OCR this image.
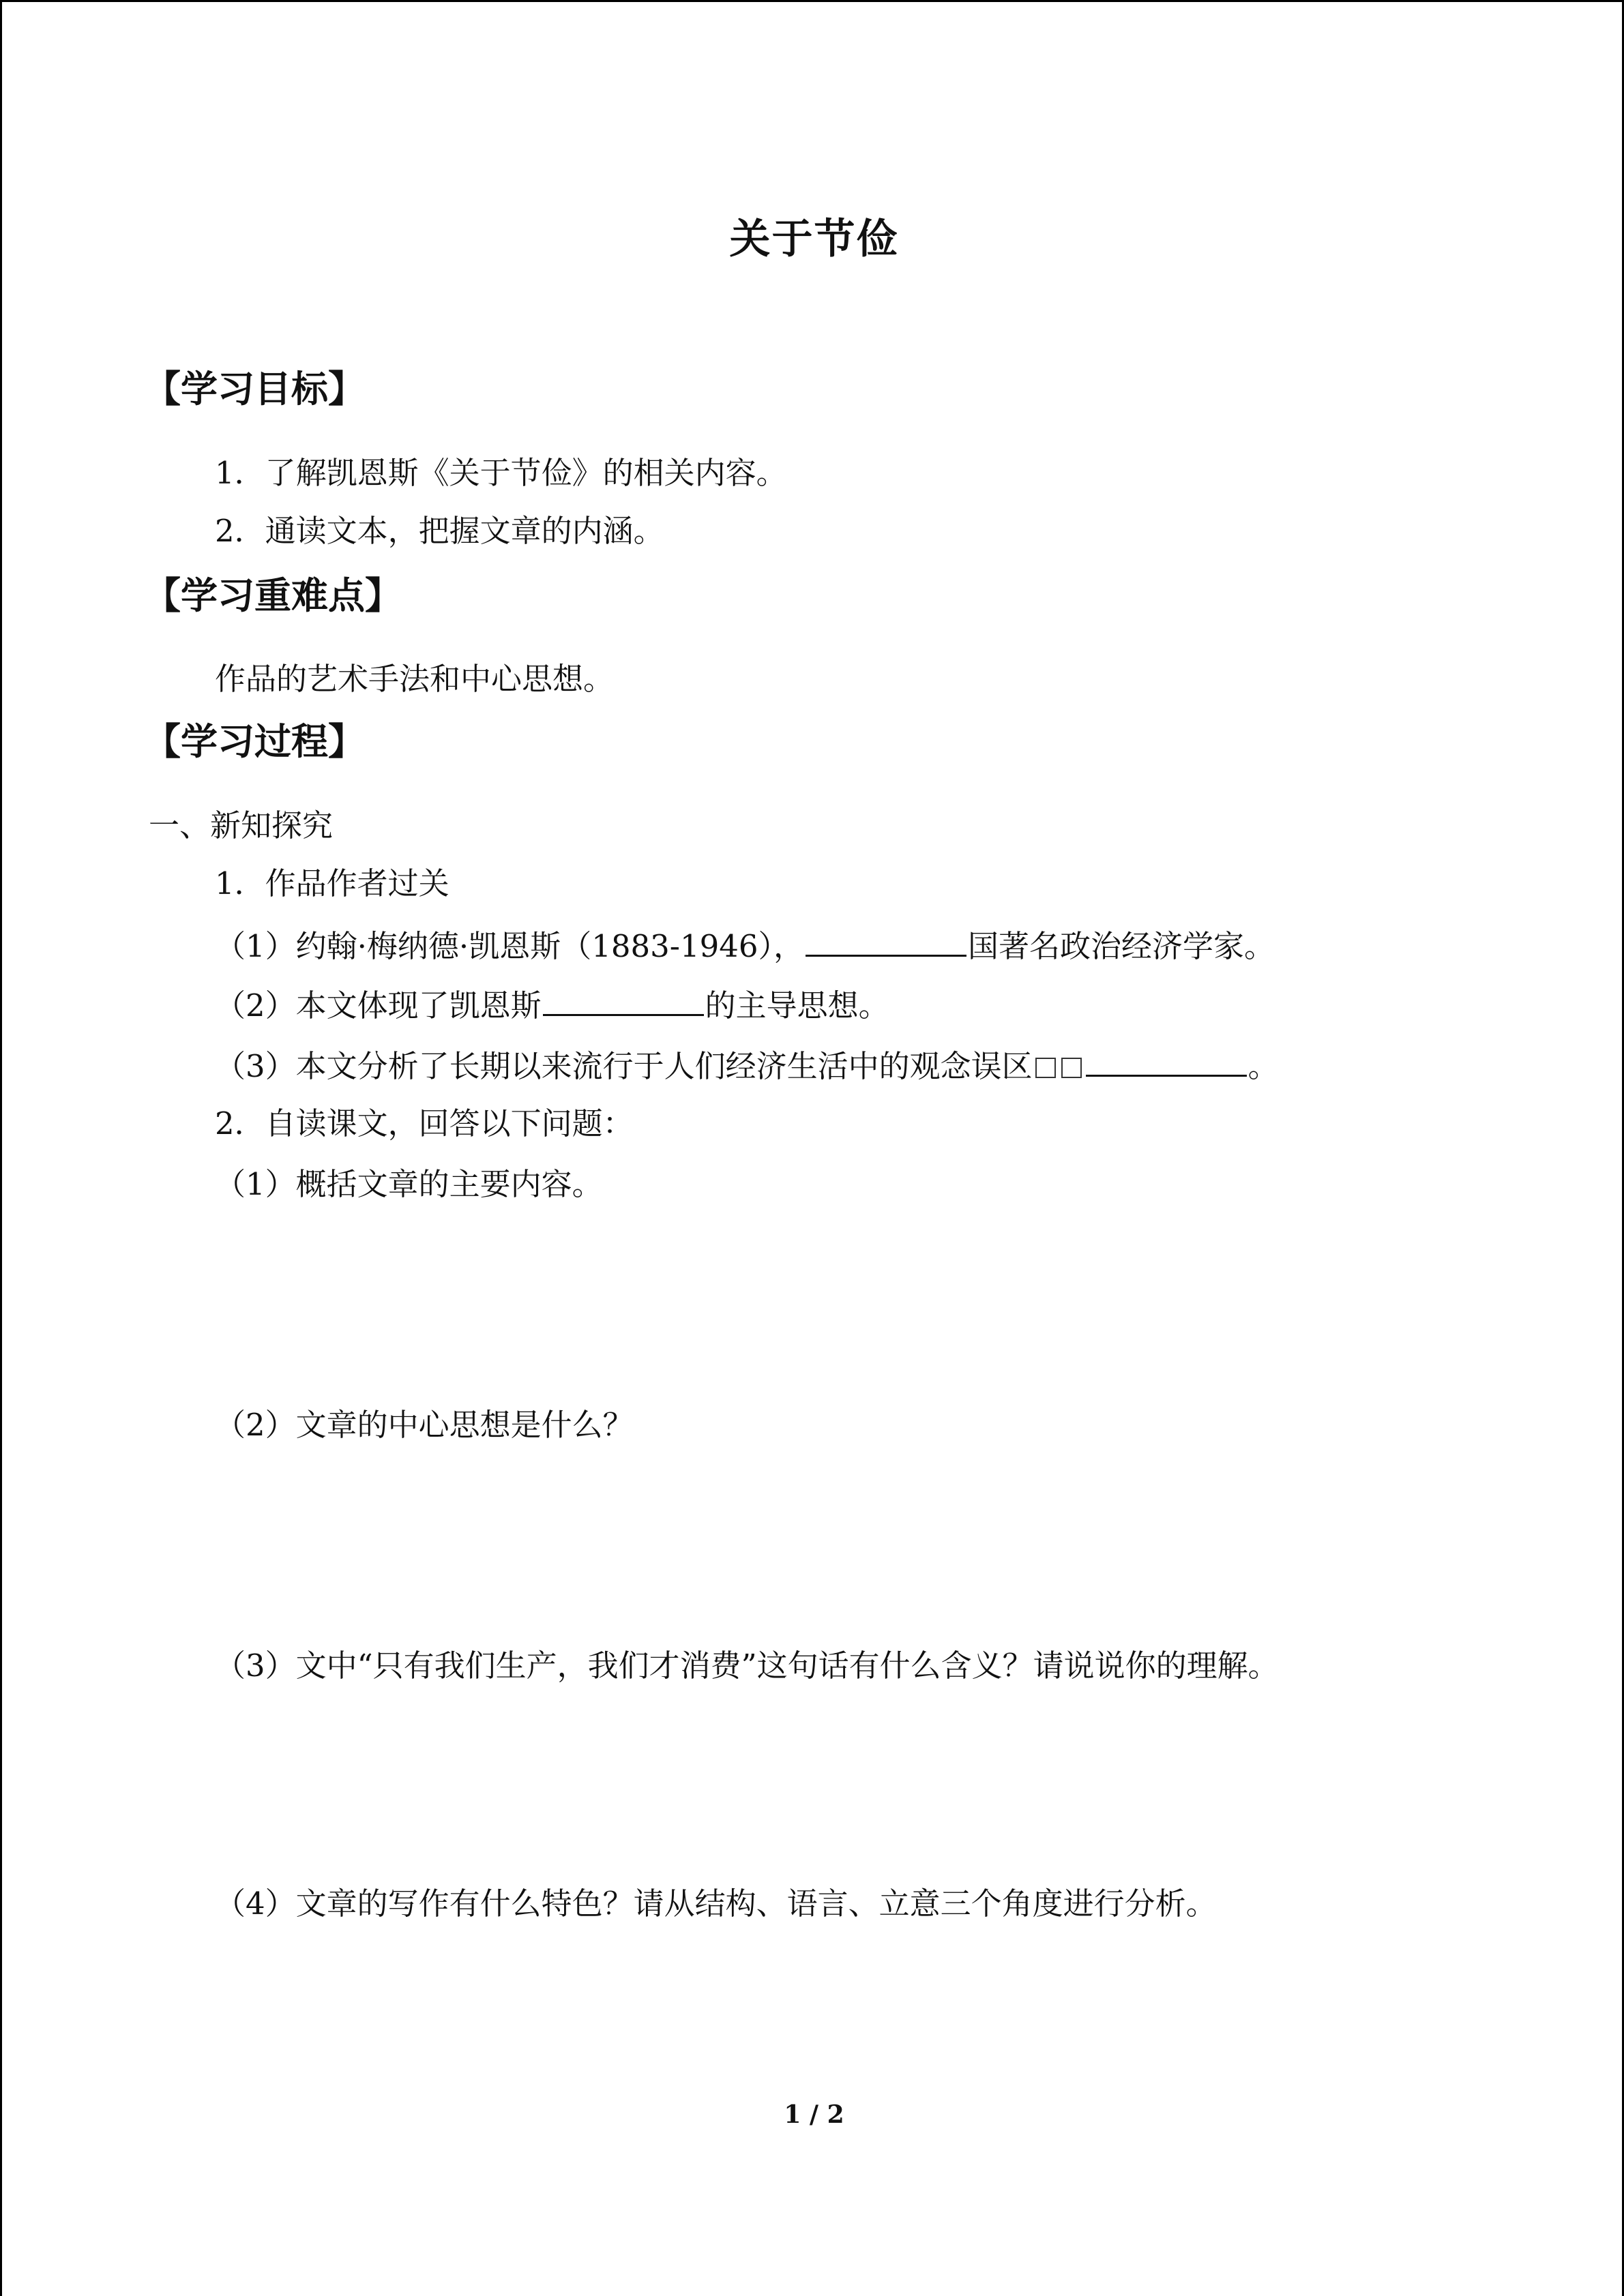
关于节俭
【学习目标】
1．了解凯恩斯《关于节俭》的相关内容。
2．通读文本，把握文章的内涵。
【学习重难点】
作品的艺术手法和中心思想。
【学习过程】
一、新知探究
1．作品作者过关
（1）约翰·梅纳德·凯恩斯（1883-1946），	国著名政治经济学家。
（2）本文体现了凯恩斯	的主导思想。
（3）本文分析了长期以来流行于人们经济生活中的观念误区	。
2．自读课文，回答以下问题：
（1）概括文章的主要内容。
（2）文章的中心思想是什么？
（3）文中“只有我们生产，我们才消费”这句话有什么含义？请说说你的理解。
（4）文章的写作有什么特色？请从结构、语言、立意三个角度进行分析。
1 / 2
